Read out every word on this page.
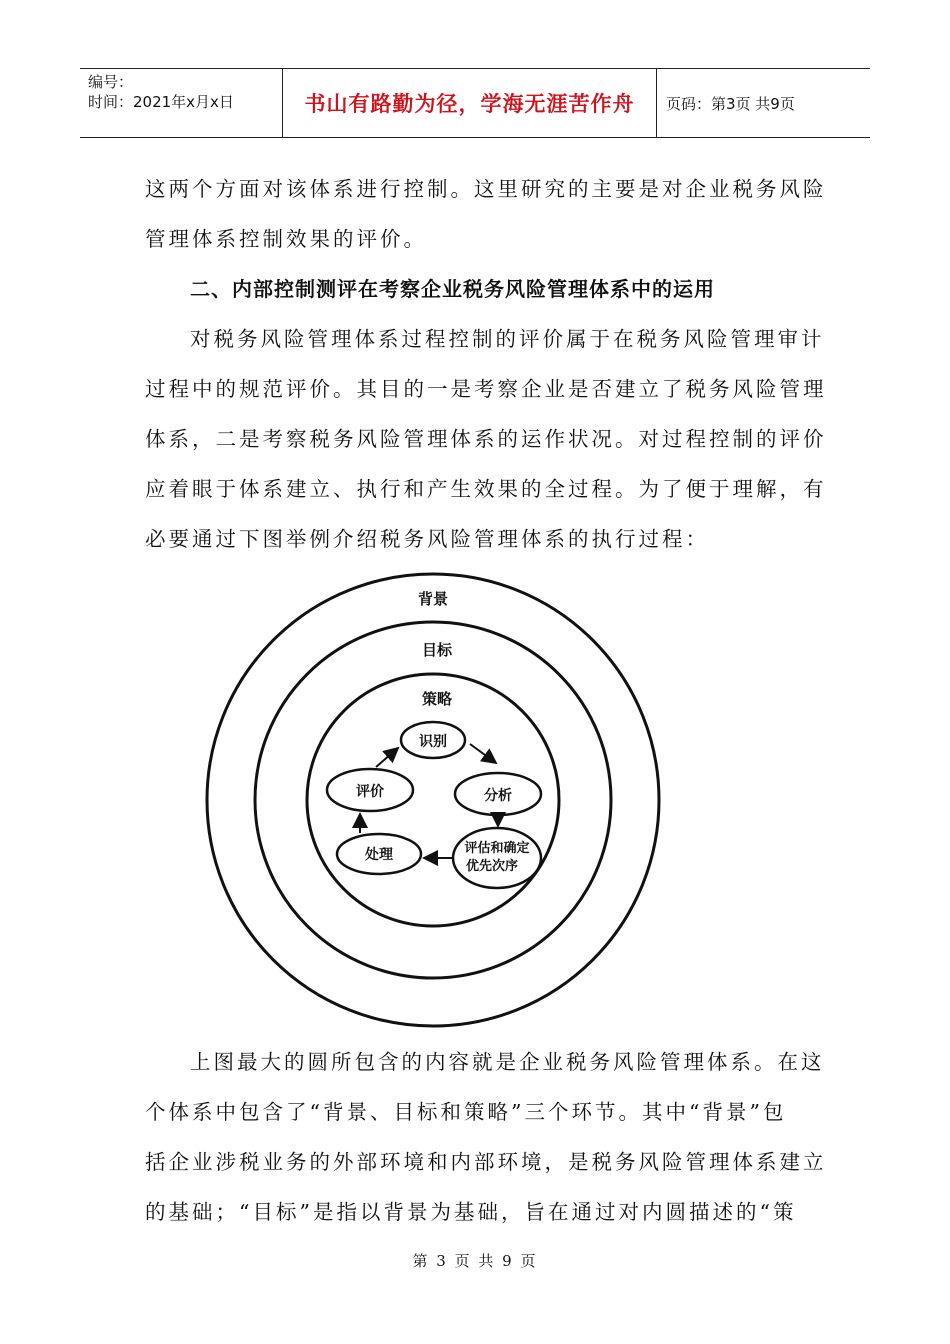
编号：
时间：2021年x月x日	书山有路勤为径，学海无涯苦作舟	页码：第3页 共9页
这两个方面对该体系进行控制。这里研究的主要是对企业税务风险
管理体系控制效果的评价。
二、内部控制测评在考察企业税务风险管理体系中的运用
对税务风险管理体系过程控制的评价属于在税务风险管理审计
过程中的规范评价。其目的一是考察企业是否建立了税务风险管理
体系，二是考察税务风险管理体系的运作状况。对过程控制的评价
应着眼于体系建立、执行和产生效果的全过程。为了便于理解，有
必要通过下图举例介绍税务风险管理体系的执行过程：
背景
目标
策略
识别
分析
评估和确定
优先次序
处理
评价
上图最大的圆所包含的内容就是企业税务风险管理体系。在这
个体系中包含了“背景、目标和策略”三个环节。其中“背景”包
括企业涉税业务的外部环境和内部环境，是税务风险管理体系建立
的基础；“目标”是指以背景为基础，旨在通过对内圆描述的“策
第 3 页 共 9 页
